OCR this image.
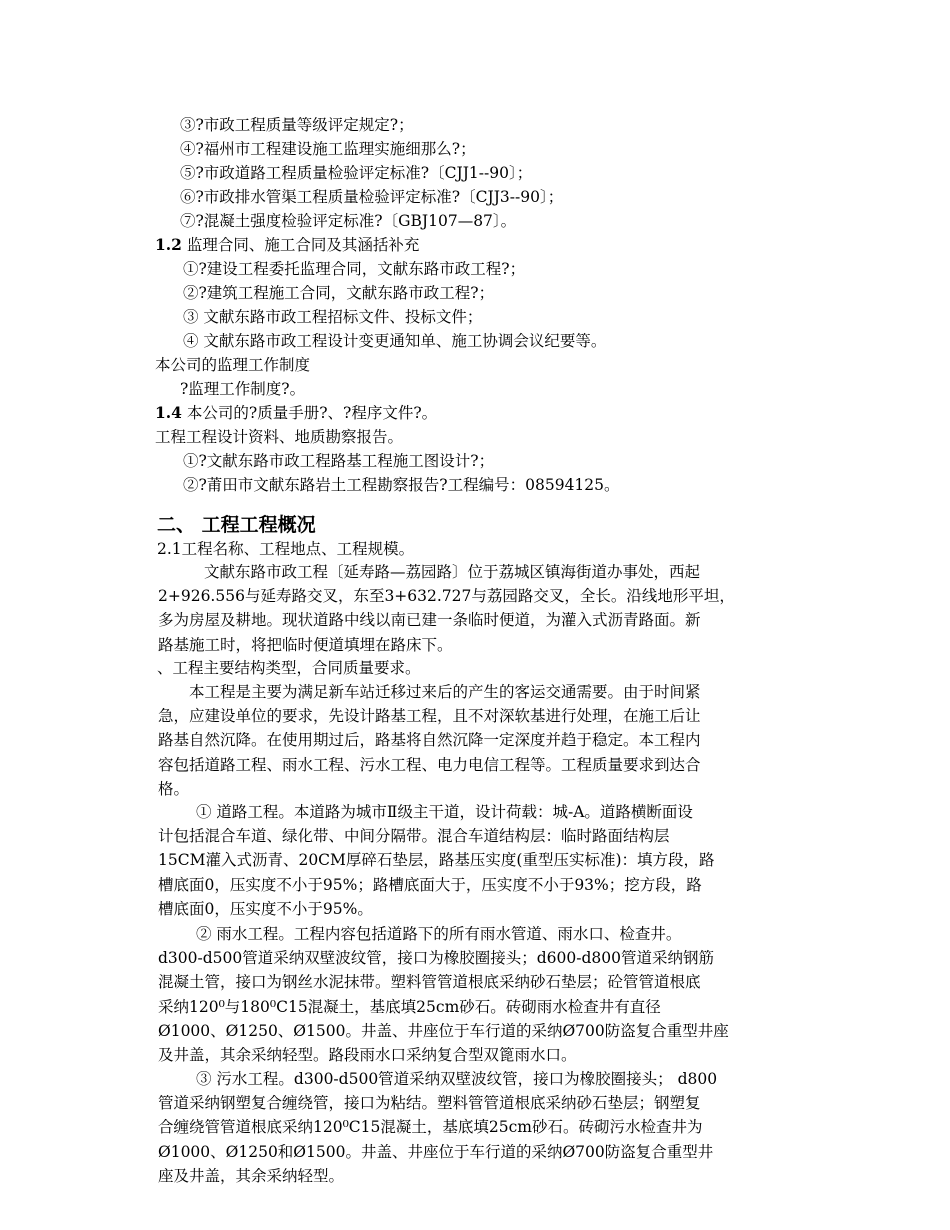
③?市政工程质量等级评定规定?；
④?福州市工程建设施工监理实施细那么?；
⑤?市政道路工程质量检验评定标准?〔CJJ1--90〕；
⑥?市政排水管渠工程质量检验评定标准?〔CJJ3--90〕；
⑦?混凝土强度检验评定标准?〔GBJ107—87〕。
1.2 监理合同、施工合同及其涵括补充
①?建设工程委托监理合同，文献东路市政工程?；
②?建筑工程施工合同，文献东路市政工程?；
③ 文献东路市政工程招标文件、投标文件；
④ 文献东路市政工程设计变更通知单、施工协调会议纪要等。
本公司的监理工作制度
?监理工作制度?。
1.4 本公司的?质量手册?、?程序文件?。
工程工程设计资料、地质勘察报告。
①?文献东路市政工程路基工程施工图设计?；
②?莆田市文献东路岩土工程勘察报告?工程编号：08594125。
二、 工程工程概况
2.1工程名称、工程地点、工程规模。
文献东路市政工程〔延寿路—荔园路〕位于荔城区镇海街道办事处，西起
2+926.556与延寿路交叉，东至3+632.727与荔园路交叉，全长。沿线地形平坦，
多为房屋及耕地。现状道路中线以南已建一条临时便道，为灌入式沥青路面。新
路基施工时，将把临时便道填埋在路床下。
、工程主要结构类型，合同质量要求。
本工程是主要为满足新车站迁移过来后的产生的客运交通需要。由于时间紧
急，应建设单位的要求，先设计路基工程，且不对深软基进行处理，在施工后让
路基自然沉降。在使用期过后，路基将自然沉降一定深度并趋于稳定。本工程内
容包括道路工程、雨水工程、污水工程、电力电信工程等。工程质量要求到达合
格。
① 道路工程。本道路为城市Ⅱ级主干道，设计荷载：城-A。道路横断面设
计包括混合车道、绿化带、中间分隔带。混合车道结构层：临时路面结构层
15CM灌入式沥青、20CM厚碎石垫层，路基压实度(重型压实标准)：填方段，路
槽底面0，压实度不小于95%；路槽底面大于，压实度不小于93%；挖方段，路
槽底面0，压实度不小于95%。
② 雨水工程。工程内容包括道路下的所有雨水管道、雨水口、检查井。
d300-d500管道采纳双壁波纹管，接口为橡胶圈接头；d600-d800管道采纳钢筋
混凝土管，接口为钢丝水泥抹带。塑料管管道根底采纳砂石垫层；砼管管道根底
采纳120⁰与180⁰C15混凝土，基底填25cm砂石。砖砌雨水检查井有直径
Ø1000、Ø1250、Ø1500。井盖、井座位于车行道的采纳Ø700防盗复合重型井座
及井盖，其余采纳轻型。路段雨水口采纳复合型双篦雨水口。
③ 污水工程。d300-d500管道采纳双壁波纹管，接口为橡胶圈接头； d800
管道采纳钢塑复合缠绕管，接口为粘结。塑料管管道根底采纳砂石垫层；钢塑复
合缠绕管管道根底采纳120⁰C15混凝土，基底填25cm砂石。砖砌污水检查井为
Ø1000、Ø1250和Ø1500。井盖、井座位于车行道的采纳Ø700防盗复合重型井
座及井盖，其余采纳轻型。
